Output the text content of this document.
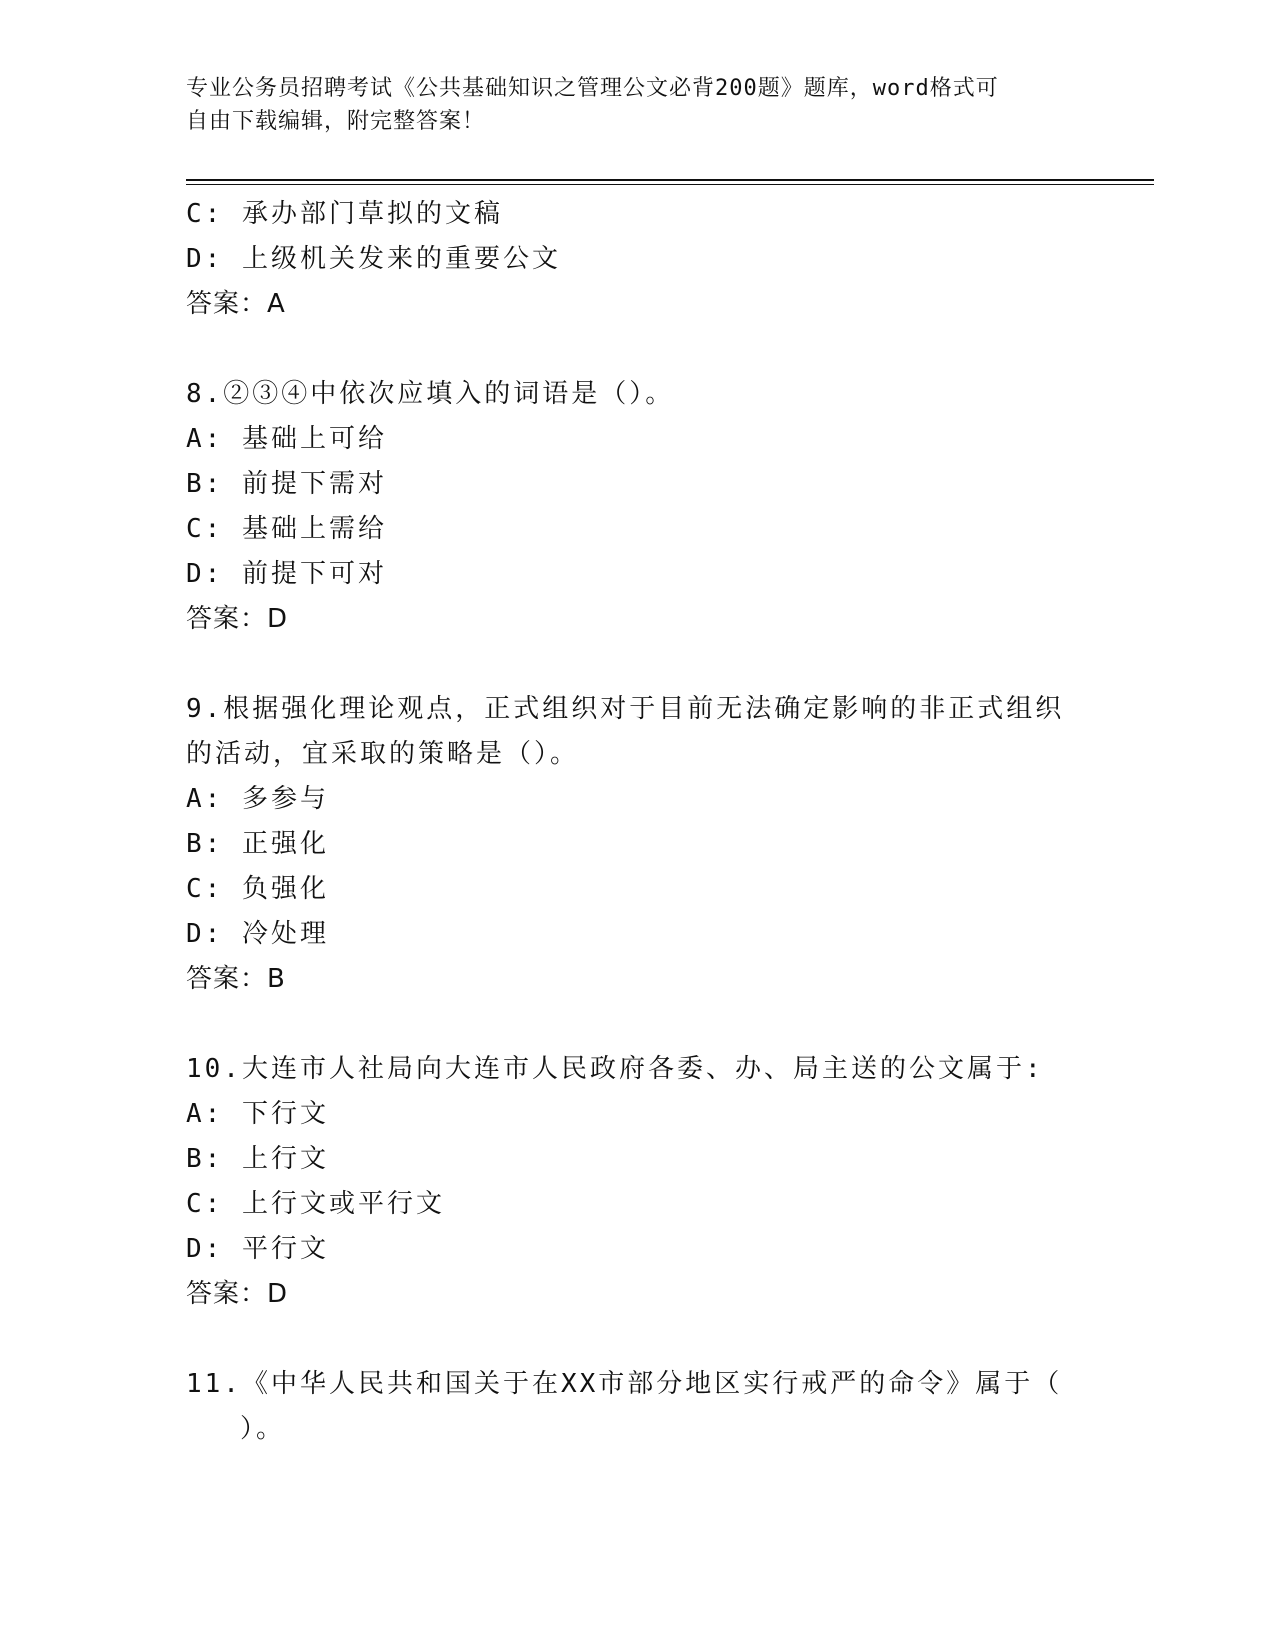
专业公务员招聘考试《公共基础知识之管理公文必背200题》题库，word格式可
自由下载编辑，附完整答案！
C: 承办部门草拟的文稿
D: 上级机关发来的重要公文
答案：A
8.②③④中依次应填入的词语是（）。
A: 基础上可给
B: 前提下需对
C: 基础上需给
D: 前提下可对
答案：D
9.根据强化理论观点，正式组织对于目前无法确定影响的非正式组织
的活动，宜采取的策略是（）。
A: 多参与
B: 正强化
C: 负强化
D: 冷处理
答案：B
10.大连市人社局向大连市人民政府各委、办、局主送的公文属于:
A: 下行文
B: 上行文
C: 上行文或平行文
D: 平行文
答案：D
11.《中华人民共和国关于在XX市部分地区实行戒严的命令》属于（
）。
